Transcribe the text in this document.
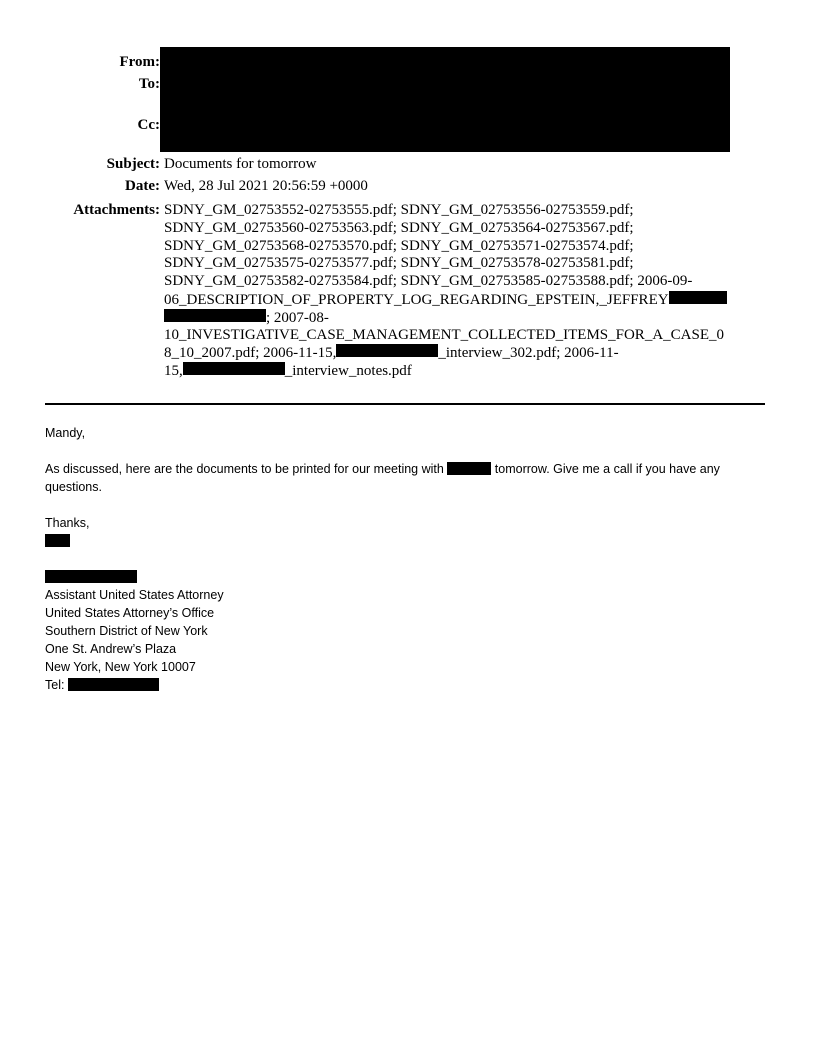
From:
To:
Cc:
Subject: Documents for tomorrow
Date: Wed, 28 Jul 2021 20:56:59 +0000
Attachments: SDNY_GM_02753552-02753555.pdf; SDNY_GM_02753556-02753559.pdf;
SDNY_GM_02753560-02753563.pdf; SDNY_GM_02753564-02753567.pdf;
SDNY_GM_02753568-02753570.pdf; SDNY_GM_02753571-02753574.pdf;
SDNY_GM_02753575-02753577.pdf; SDNY_GM_02753578-02753581.pdf;
SDNY_GM_02753582-02753584.pdf; SDNY_GM_02753585-02753588.pdf; 2006-09-
06_DESCRIPTION_OF_PROPERTY_LOG_REGARDING_EPSTEIN,_JEFFREY
; 2007-08-
10_INVESTIGATIVE_CASE_MANAGEMENT_COLLECTED_ITEMS_FOR_A_CASE_0
8_10_2007.pdf; 2006-11-15,	_interview_302.pdf; 2006-11-
15,	_interview_notes.pdf

Mandy,

As discussed, here are the documents to be printed for our meeting with	tomorrow. Give me a call if you have any questions.

Thanks,

Assistant United States Attorney

United States Attorney’s Office

Southern District of New York

One St. Andrew’s Plaza

New York, New York 10007

Tel:
